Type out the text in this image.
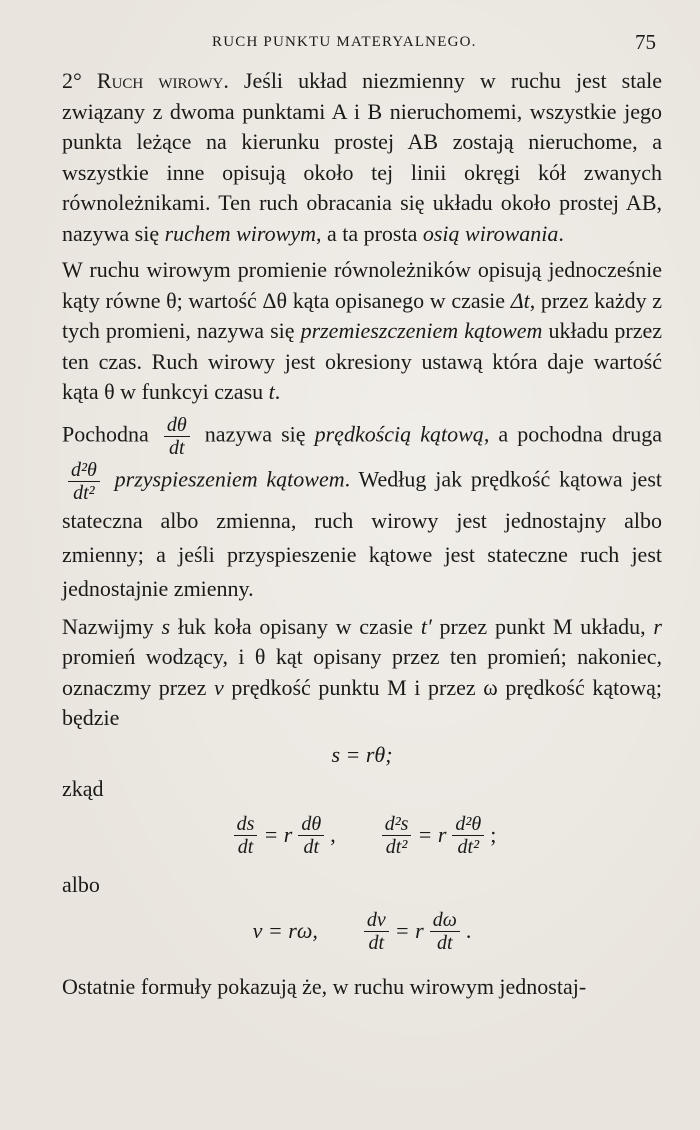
RUCH PUNKTU MATERYALNEGO.	75

2° Ruch wirowy. Jeśli układ niezmienny w ruchu jest stale związany z dwoma punktami A i B nieruchomemi, wszystkie jego punkta leżące na kierunku prostej AB zostają nieruchome, a wszystkie inne opisują około tej linii okręgi kół zwanych równoleżnikami. Ten ruch obracania się układu około prostej AB, nazywa się ruchem wirowym, a ta prosta osią wirowania.

W ruchu wirowym promienie równoleżników opisują jednocześnie kąty równe θ; wartość Δθ kąta opisanego w czasie Δt, przez każdy z tych promieni, nazywa się przemieszczeniem kątowem układu przez ten czas. Ruch wirowy jest okresiony ustawą która daje wartość kąta θ w funkcyi czasu t.

Pochodna $\frac{d\theta}{dt}$ nazywa się prędkością kątową, a pochodna druga
$\frac{\text{d²θ}}{\text{dt²}}$ przyspieszeniem kątowem. Według jak prędkość kątowa jest stateczna albo zmienna, ruch wirowy jest jednostajny albo zmienny; a jeśli przyspieszenie kątowe jest stateczne ruch jest jednostajnie zmienny.

Nazwijmy s łuk koła opisany w czasie t′ przez punkt M układu, r promień wodzący, i θ kąt opisany przez ten promień; nakoniec, oznaczmy przez v prędkość punktu M i przez ω prędkość kątową; będzie

s = rθ;
zkąd
$\frac{ds}{dt} = r \frac{d\theta}{dt}$ , $\frac{\text{d²s}}{\text{dt²}} = r \frac{\text{d²θ}}{\text{dt²}}$ ;
albo
v = rω, $\frac{dv}{dt} = r \frac{d\omega}{dt}$ .

Ostatnie formuły pokazują że, w ruchu wirowym jednostaj-
